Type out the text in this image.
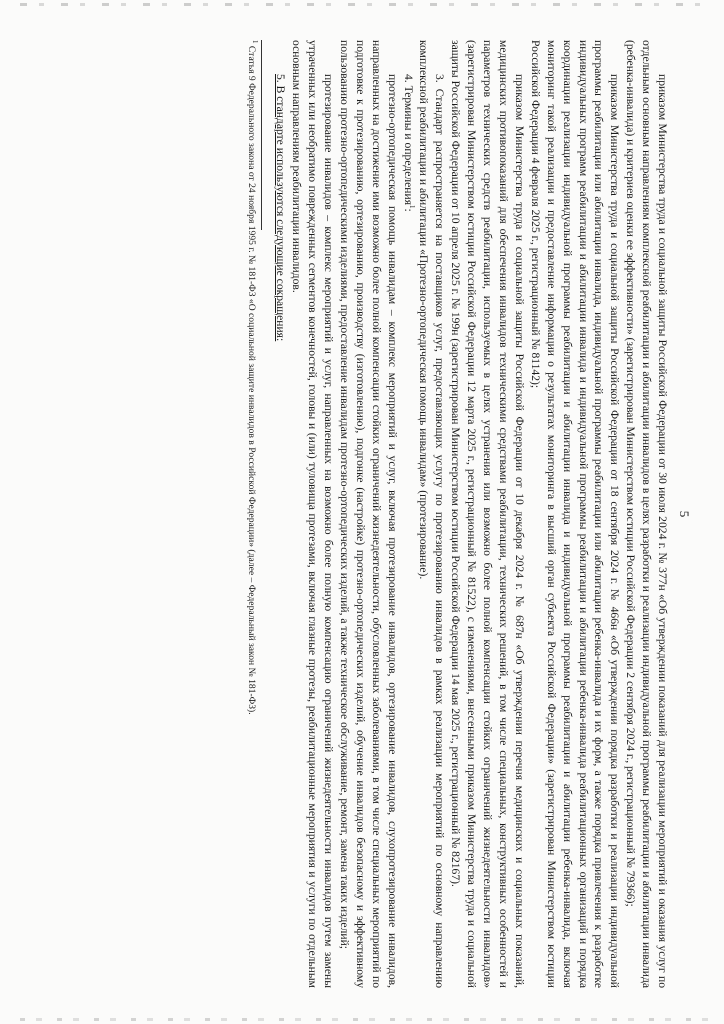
5

приказом Министерства труда и социальной защиты Российской Федерации от 30 июля 2024 г. № 377н «Об утверждении показаний для реализации мероприятий и оказания услуг по отдельным основным направлениям комплексной реабилитации и абилитации инвалидов в целях разработки и реализации индивидуальной программы реабилитации и абилитации инвалида (ребенка-инвалида) и критериев оценки ее эффективности» (зарегистрирован Министерством юстиции Российской Федерации 2 сентября 2024 г., регистрационный № 79366);

приказом Министерства труда и социальной защиты Российской Федерации от 18 сентября 2024 г. № 466н «Об утверждении порядка разработки и реализации индивидуальной программы реабилитации или абилитации инвалида, индивидуальной программы реабилитации или абилитации ребенка-инвалида и их форм, а также порядка привлечения к разработке индивидуальных программ реабилитации и абилитации инвалида и индивидуальной программы реабилитации и абилитации ребенка-инвалида реабилитационных организаций и порядка координации реализации индивидуальной программы реабилитации и абилитации инвалида и индивидуальной программы реабилитации и абилитации ребенка-инвалида, включая мониторинг такой реализации и предоставление информации о результатах мониторинга в высший орган субъекта Российской Федерации» (зарегистрирован Министерством юстиции Российской Федерации 4 февраля 2025 г., регистрационный № 81142);

приказом Министерства труда и социальной защиты Российской Федерации от 10 декабря 2024 г. № 687н «Об утверждении перечня медицинских и социальных показаний, медицинских противопоказаний для обеспечения инвалидов техническими средствами реабилитации, технических решений, в том числе специальных, конструктивных особенностей и параметров технических средств реабилитации, используемых в целях устранения или возможно более полной компенсации стойких ограничений жизнедеятельности инвалидов» (зарегистрирован Министерством юстиции Российской Федерации 12 марта 2025 г., регистрационный № 81522), с изменениями, внесенными приказом Министерства труда и социальной защиты Российской Федерации от 10 апреля 2025 г. № 199н (зарегистрирован Министерством юстиции Российской Федерации 14 мая 2025 г., регистрационный № 82167).

3. Стандарт распространяется на поставщиков услуг, предоставляющих услугу по протезированию инвалидов в рамках реализации мероприятий по основному направлению комплексной реабилитации и абилитации «Протезно-ортопедическая помощь инвалидам» (протезирование).

4. Термины и определения$^1$:

протезно-ортопедическая помощь инвалидам – комплекс мероприятий и услуг, включая протезирование инвалидов, ортезирование инвалидов, слухопротезирование инвалидов, направленных на достижение ими возможно более полной компенсации стойких ограничений жизнедеятельности, обусловленных заболеваниями, в том числе специальных мероприятий по подготовке к протезированию, ортезированию, производству (изготовлению), подгонке (настройке) протезно-ортопедических изделий, обучение инвалидов безопасному и эффективному пользованию протезно-ортопедическими изделиями, предоставление инвалидам протезно-ортопедических изделий, а также техническое обслуживание, ремонт, замена таких изделий;

протезирование инвалидов – комплекс мероприятий и услуг, направленных на возможно более полную компенсацию ограничений жизнедеятельности инвалидов путем замены утраченных или необратимо поврежденных сегментов конечностей, головы и (или) туловища протезами, включая глазные протезы, реабилитационные мероприятия и услуги по отдельным основным направлениям реабилитации инвалидов.

5. В стандарте используются следующие сокращения:

$^1$ Статья 9 Федерального закона от 24 ноября 1995 г. № 181-ФЗ «О социальной защите инвалидов в Российской Федерации» (далее – Федеральный закон № 181-ФЗ).
